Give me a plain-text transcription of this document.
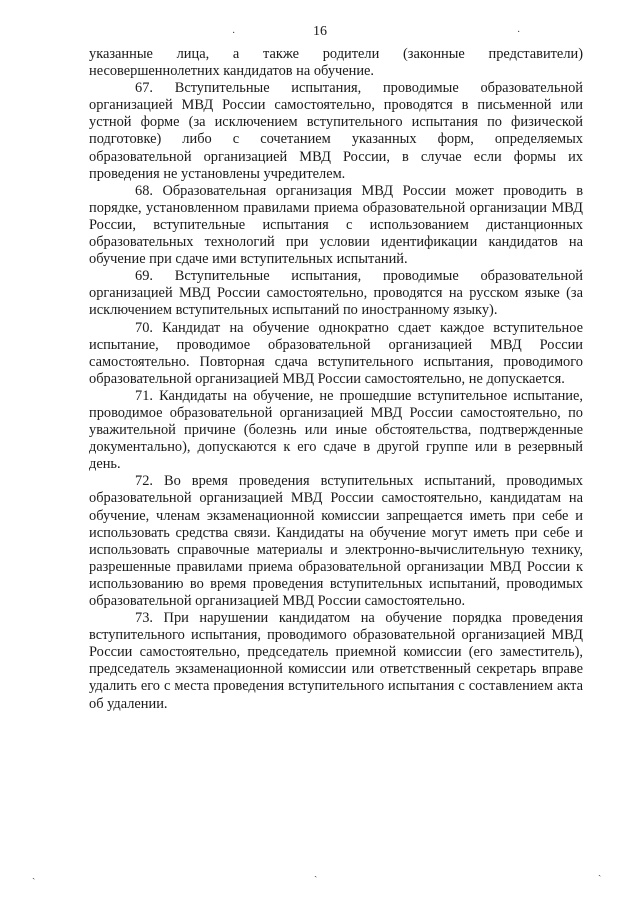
16

указанные лица, а также родители (законные представители) несовершеннолетних кандидатов на обучение.

67. Вступительные испытания, проводимые образовательной организацией МВД России самостоятельно, проводятся в письменной или устной форме (за исключением вступительного испытания по физической подготовке) либо с сочетанием указанных форм, определяемых образовательной организацией МВД России, в случае если формы их проведения не установлены учредителем.

68. Образовательная организация МВД России может проводить в порядке, установленном правилами приема образовательной организации МВД России, вступительные испытания с использованием дистанционных образовательных технологий при условии идентификации кандидатов на обучение при сдаче ими вступительных испытаний.

69. Вступительные испытания, проводимые образовательной организацией МВД России самостоятельно, проводятся на русском языке (за исключением вступительных испытаний по иностранному языку).

70. Кандидат на обучение однократно сдает каждое вступительное испытание, проводимое образовательной организацией МВД России самостоятельно. Повторная сдача вступительного испытания, проводимого образовательной организацией МВД России самостоятельно, не допускается.

71. Кандидаты на обучение, не прошедшие вступительное испытание, проводимое образовательной организацией МВД России самостоятельно, по уважительной причине (болезнь или иные обстоятельства, подтвержденные документально), допускаются к его сдаче в другой группе или в резервный день.

72. Во время проведения вступительных испытаний, проводимых образовательной организацией МВД России самостоятельно, кандидатам на обучение, членам экзаменационной комиссии запрещается иметь при себе и использовать средства связи. Кандидаты на обучение могут иметь при себе и использовать справочные материалы и электронно-вычислительную технику, разрешенные правилами приема образовательной организации МВД России к использованию во время проведения вступительных испытаний, проводимых образовательной организацией МВД России самостоятельно.

73. При нарушении кандидатом на обучение порядка проведения вступительного испытания, проводимого образовательной организацией МВД России самостоятельно, председатель приемной комиссии (его заместитель), председатель экзаменационной комиссии или ответственный секретарь вправе удалить его с места проведения вступительного испытания с составлением акта об удалении.

·	·
ˏ	ˏ	ˏ
